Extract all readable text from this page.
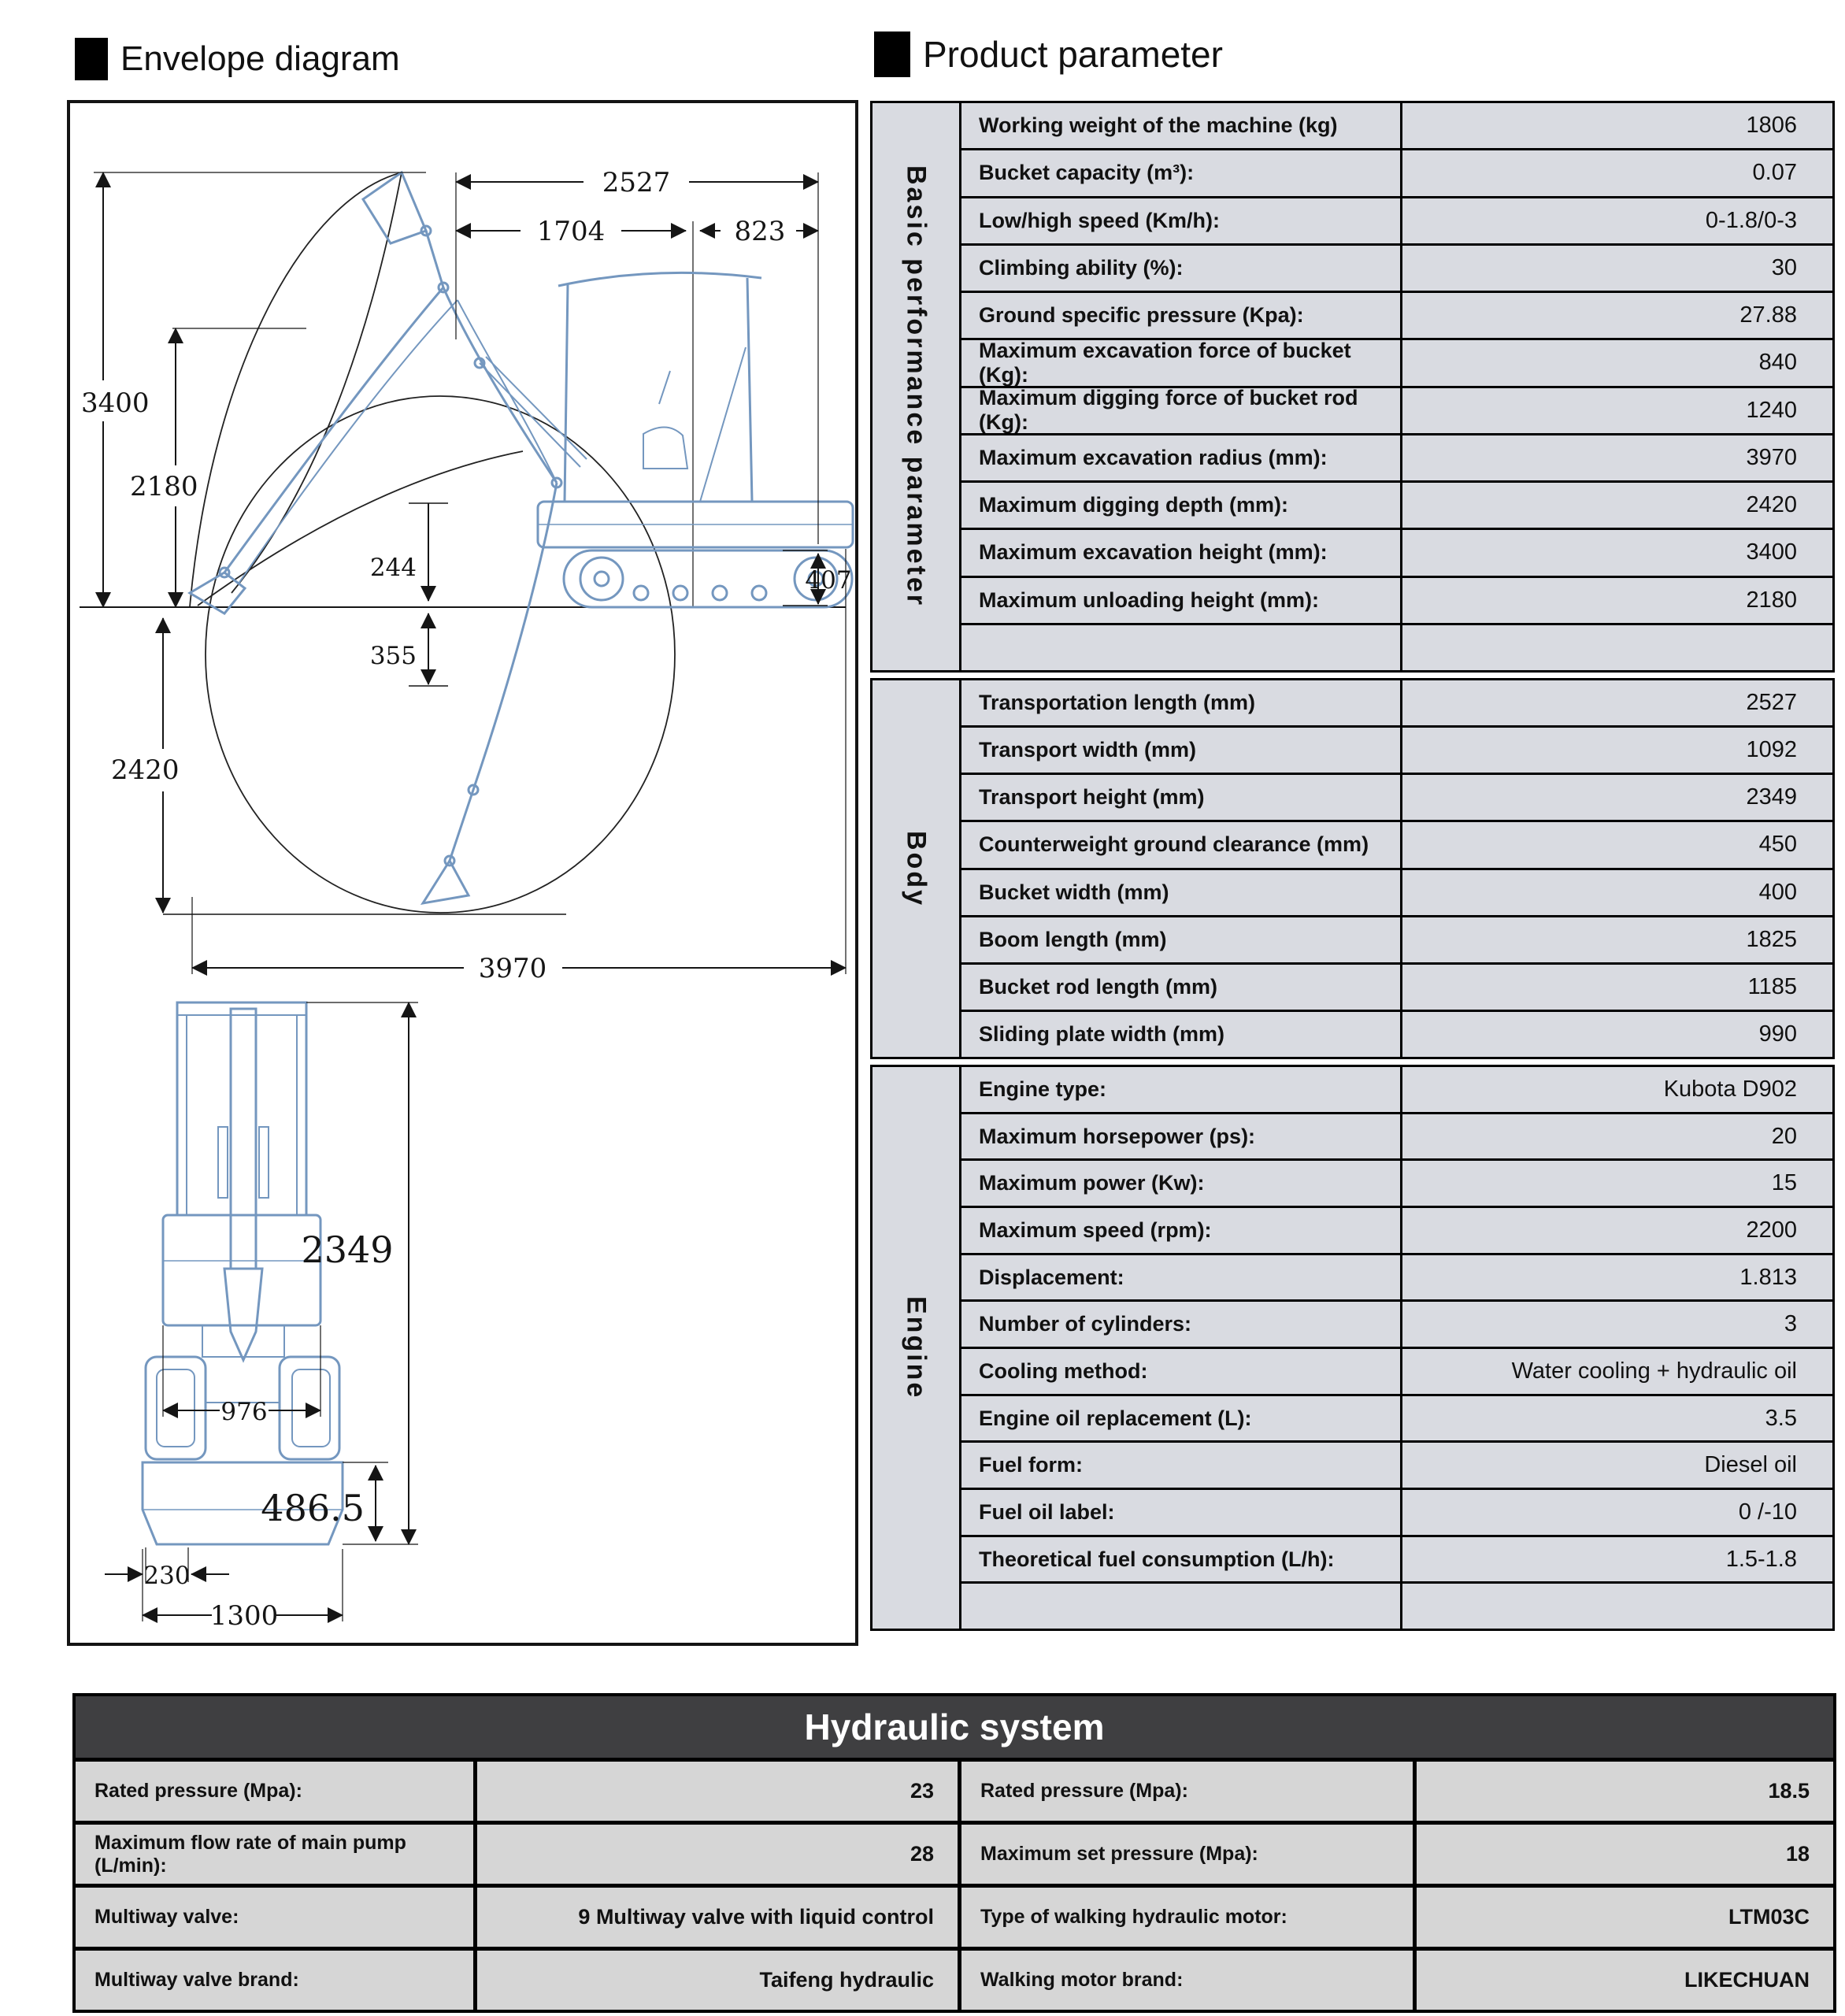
Envelope diagram	Product parameter
2527
1704	823
3400
2180
244
355
407
2420
3970
2349
976
486.5
230
1300
Basic performance parameter
Working weight of the machine (kg)	1806
Bucket capacity (m³):	0.07
Low/high speed (Km/h):	0-1.8/0-3
Climbing ability (%):	30
Ground specific pressure (Kpa):	27.88
Maximum excavation force of bucket (Kg):	840
Maximum digging force of bucket rod (Kg):	1240
Maximum excavation radius (mm):	3970
Maximum digging depth (mm):	2420
Maximum excavation height (mm):	3400
Maximum unloading height (mm):	2180
Body
Transportation length (mm)	2527
Transport width (mm)	1092
Transport height (mm)	2349
Counterweight ground clearance (mm)	450
Bucket width (mm)	400
Boom length (mm)	1825
Bucket rod length (mm)	1185
Sliding plate width (mm)	990
Engine
Engine type:	Kubota D902
Maximum horsepower (ps):	20
Maximum power (Kw):	15
Maximum speed (rpm):	2200
Displacement:	1.813
Number of cylinders:	3
Cooling method:	Water cooling + hydraulic oil
Engine oil replacement (L):	3.5
Fuel form:	Diesel oil
Fuel oil label:	0 /-10
Theoretical fuel consumption (L/h):	1.5-1.8
Hydraulic system
Rated pressure (Mpa):	23	Rated pressure (Mpa):	18.5
Maximum flow rate of main pump (L/min):	28	Maximum set pressure (Mpa):	18
Multiway valve:	9 Multiway valve with liquid control	Type of walking hydraulic motor:	LTM03C
Multiway valve brand:	Taifeng hydraulic	Walking motor brand:	LIKECHUAN
